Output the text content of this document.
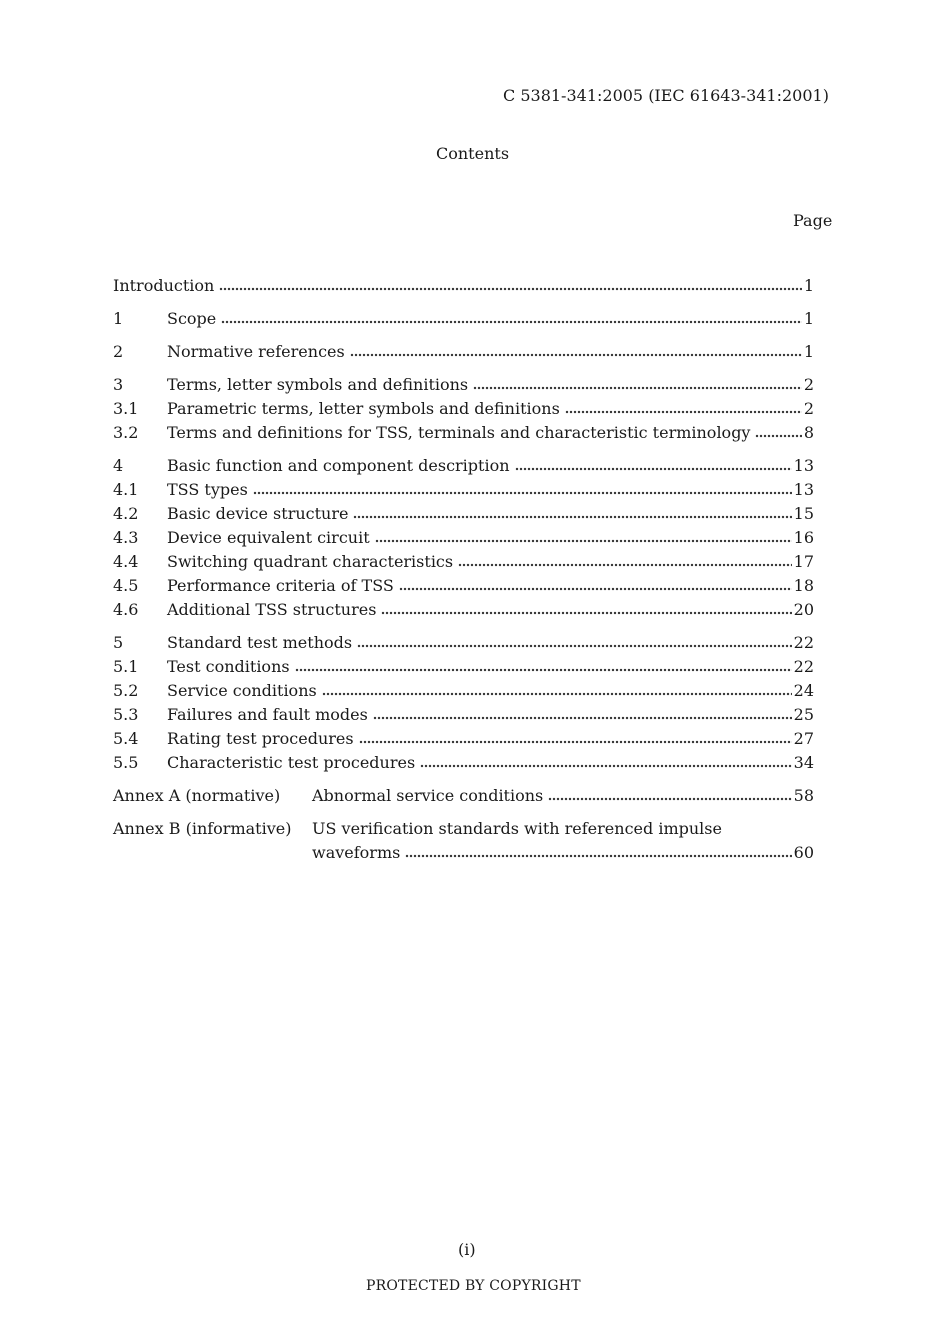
C 5381-341:2005 (IEC 61643-341:2001)
Contents
Page
Introduction	1
1	Scope	1
2	Normative references	1
3	Terms, letter symbols and definitions	2
3.1	Parametric terms, letter symbols and definitions	2
3.2	Terms and definitions for TSS, terminals and characteristic terminology	8
4	Basic function and component description	13
4.1	TSS types	13
4.2	Basic device structure	15
4.3	Device equivalent circuit	16
4.4	Switching quadrant characteristics	17
4.5	Performance criteria of TSS	18
4.6	Additional TSS structures	20
5	Standard test methods	22
5.1	Test conditions	22
5.2	Service conditions	24
5.3	Failures and fault modes	25
5.4	Rating test procedures	27
5.5	Characteristic test procedures	34
Annex A (normative)	Abnormal service conditions	58
Annex B (informative)	US verification standards with referenced impulse
waveforms	60
(i)
PROTECTED BY COPYRIGHT
